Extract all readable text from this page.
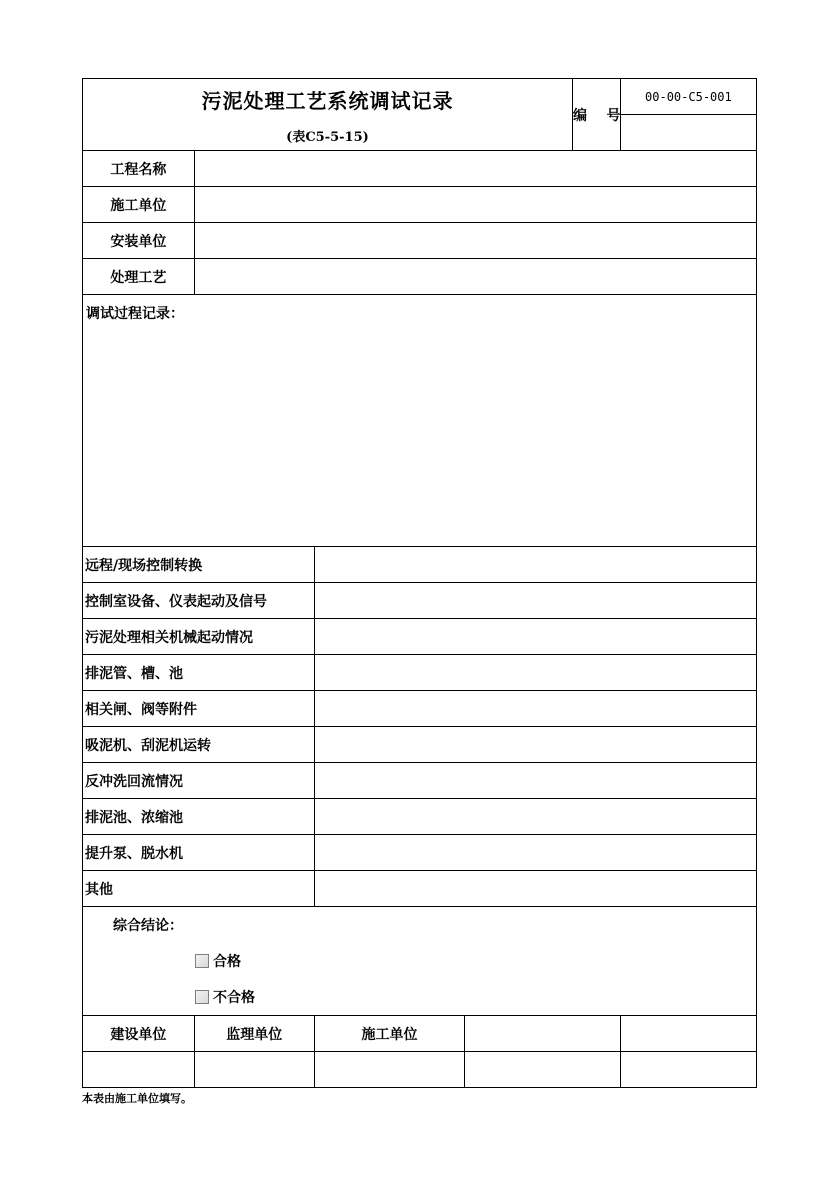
污泥处理工艺系统调试记录
(表C5-5-15)				编    号	00-00-C5-001

工程名称					
施工单位					
安装单位					
处理工艺					
调试过程记录：					
远程/现场控制转换					
控制室设备、仪表起动及信号					
污泥处理相关机械起动情况					
排泥管、槽、池					
相关闸、阀等附件					
吸泥机、刮泥机运转					
反冲洗回流情况					
排泥池、浓缩池					
提升泵、脱水机					
其他					

综合结论：
合格
不合格					

建设单位	监理单位	施工单位			

本表由施工单位填写。
